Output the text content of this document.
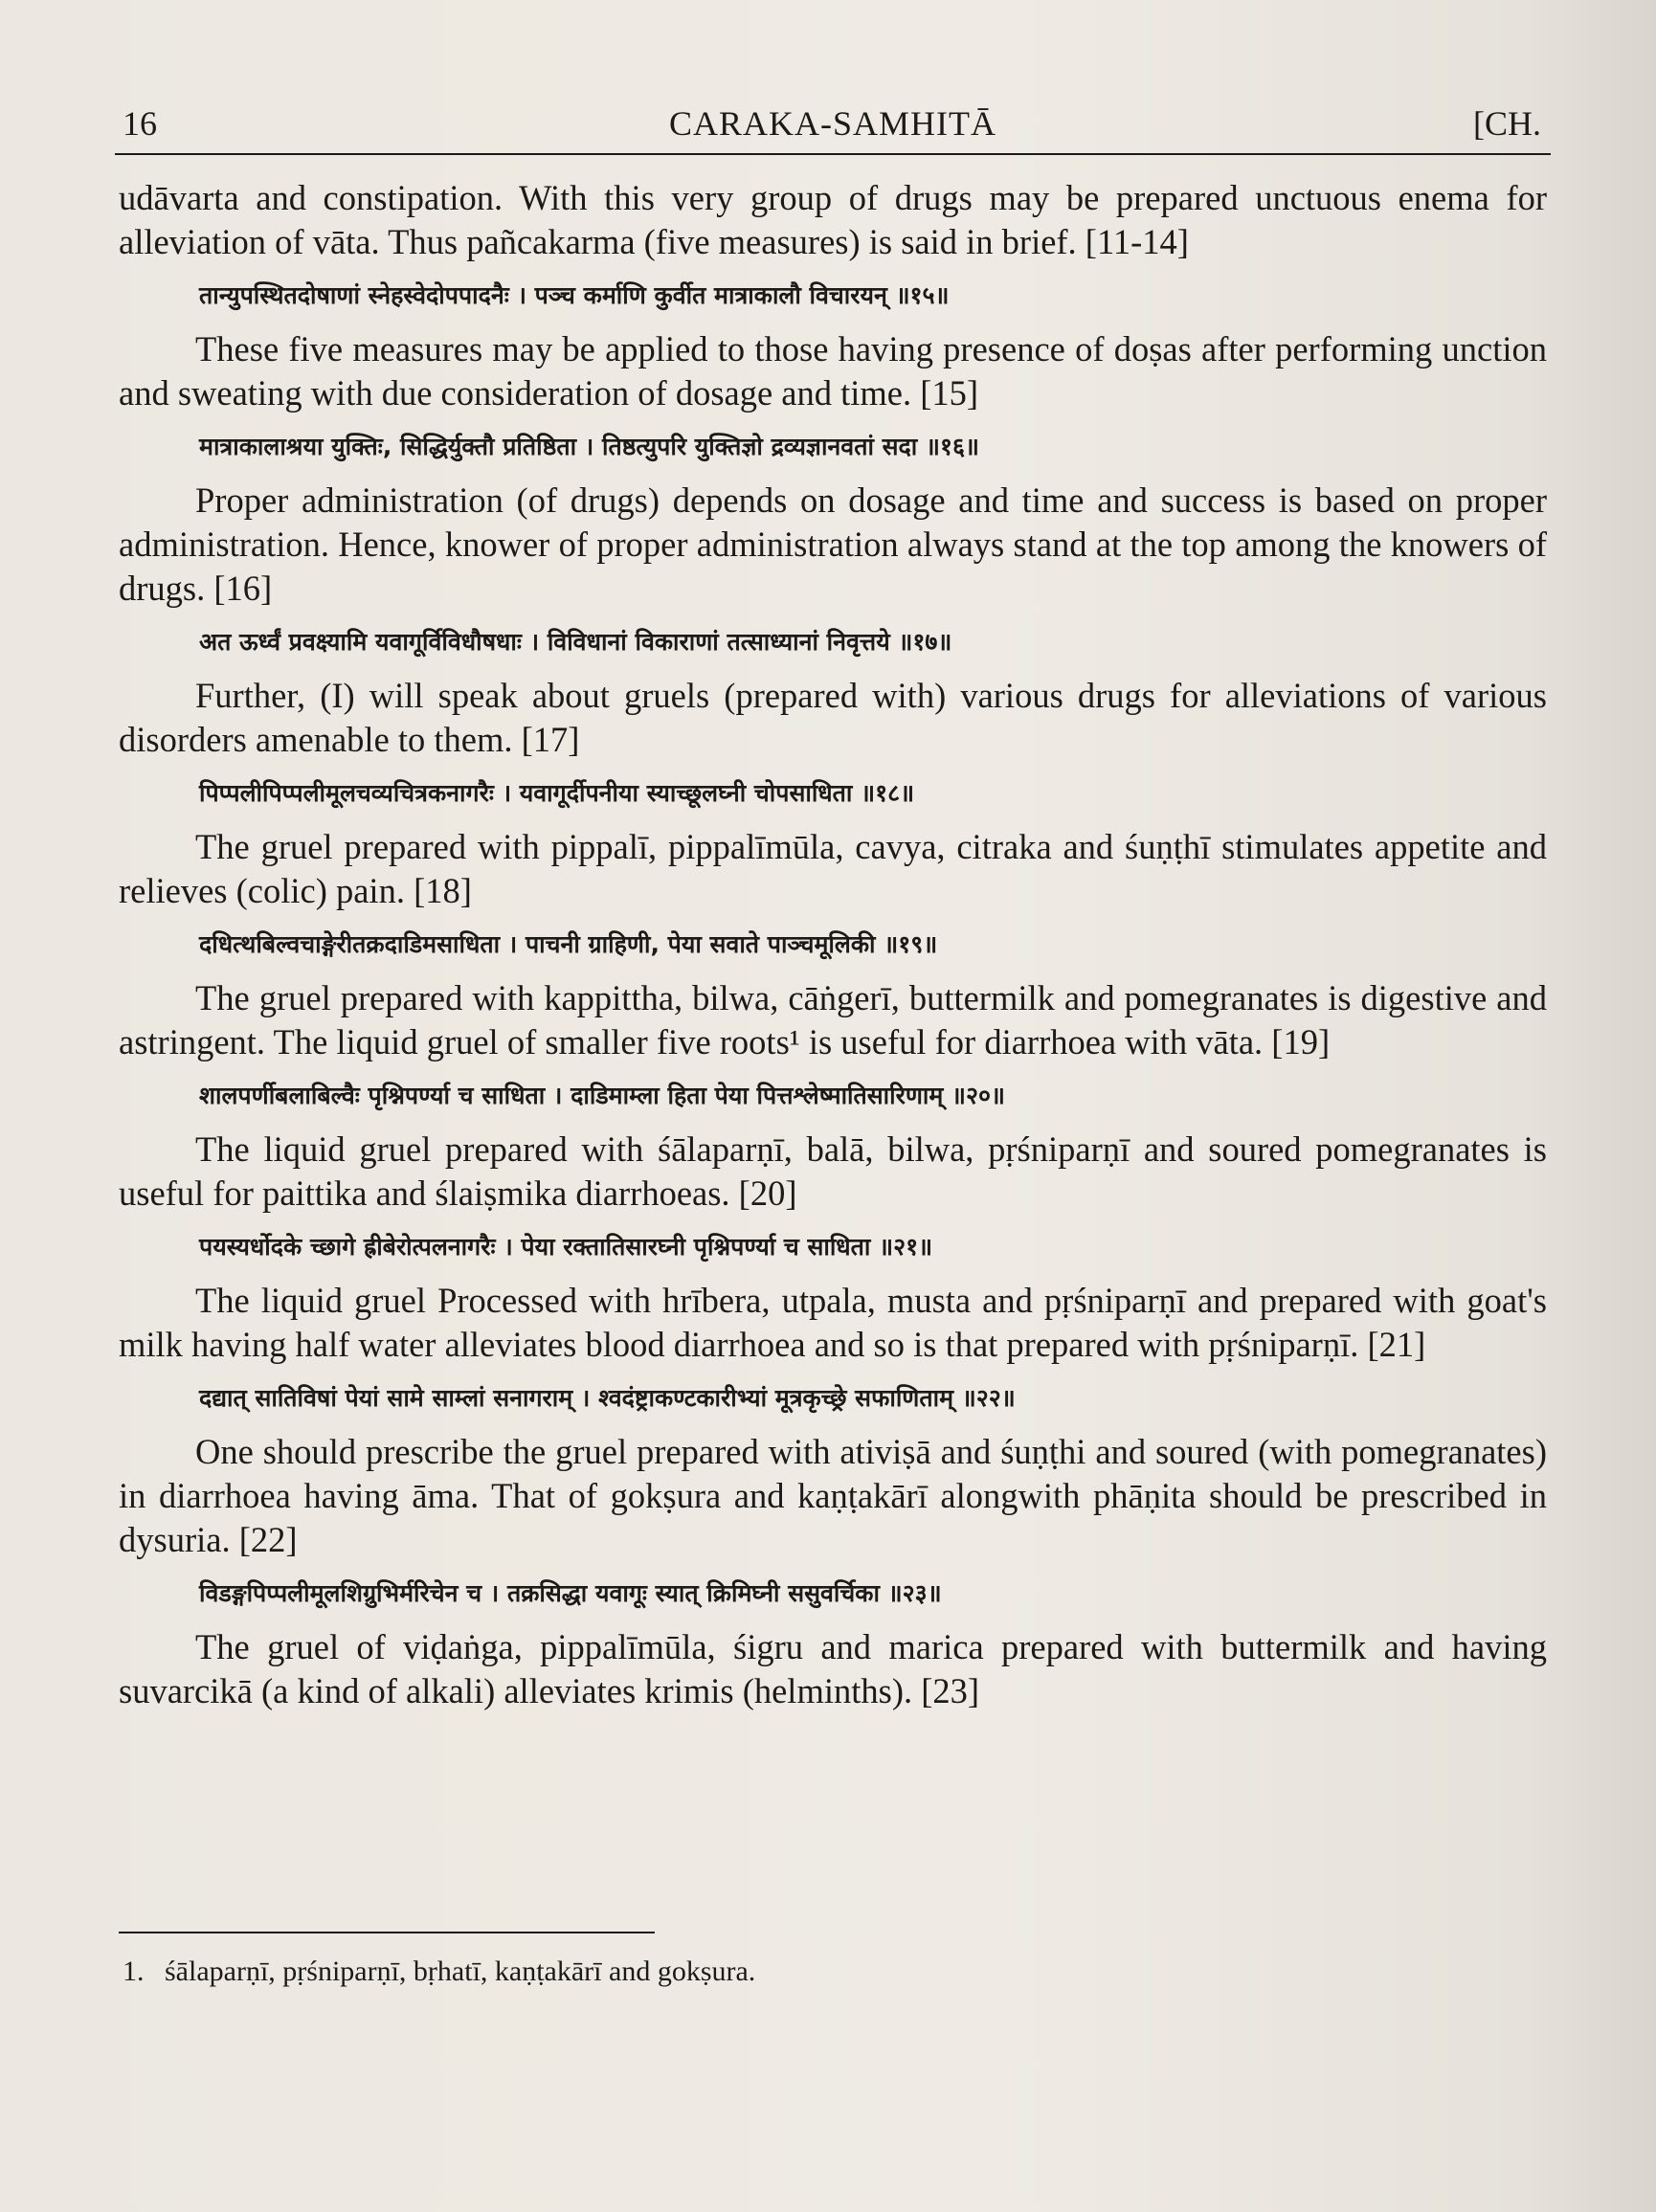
16	CARAKA-SAMHITĀ	[CH.

udāvarta and constipation. With this very group of drugs may be prepared unctuous enema for alleviation of vāta. Thus pañcakarma (five measures) is said in brief. [11-14]

तान्युपस्थितदोषाणां स्नेहस्वेदोपपादनैः । पञ्च कर्माणि कुर्वीत मात्राकालौ विचारयन् ॥१५॥

These five measures may be applied to those having presence of doṣas after performing unction and sweating with due consideration of dosage and time. [15]

मात्राकालाश्रया युक्तिः, सिद्धिर्युक्तौ प्रतिष्ठिता । तिष्ठत्युपरि युक्तिज्ञो द्रव्यज्ञानवतां सदा ॥१६॥

Proper administration (of drugs) depends on dosage and time and success is based on proper administration. Hence, knower of proper administration always stand at the top among the knowers of drugs. [16]

अत ऊर्ध्वं प्रवक्ष्यामि यवागूर्विविधौषधाः । विविधानां विकाराणां तत्साध्यानां निवृत्तये ॥१७॥

Further, (I) will speak about gruels (prepared with) various drugs for alleviations of various disorders amenable to them. [17]

पिप्पलीपिप्पलीमूलचव्यचित्रकनागरैः । यवागूर्दीपनीया स्याच्छूलघ्नी चोपसाधिता ॥१८॥

The gruel prepared with pippalī, pippalīmūla, cavya, citraka and śuṇṭhī stimulates appetite and relieves (colic) pain. [18]

दधित्थबिल्वचाङ्गेरीतक्रदाडिमसाधिता । पाचनी ग्राहिणी, पेया सवाते पाञ्चमूलिकी ॥१९॥

The gruel prepared with kappittha, bilwa, cāṅgerī, buttermilk and pomegranates is digestive and astringent. The liquid gruel of smaller five roots¹ is useful for diarrhoea with vāta. [19]

शालपर्णीबलाबिल्वैः पृश्निपर्ण्या च साधिता । दाडिमाम्ला हिता पेया पित्तश्लेष्मातिसारिणाम् ॥२०॥

The liquid gruel prepared with śālaparṇī, balā, bilwa, pṛśniparṇī and soured pomegranates is useful for paittika and ślaiṣmika diarrhoeas. [20]

पयस्यर्धोदके च्छागे ह्रीबेरोत्पलनागरैः । पेया रक्तातिसारघ्नी पृश्निपर्ण्या च साधिता ॥२१॥

The liquid gruel Processed with hrībera, utpala, musta and pṛśniparṇī and prepared with goat's milk having half water alleviates blood diarrhoea and so is that prepared with pṛśniparṇī. [21]

दद्यात् सातिविषां पेयां सामे साम्लां सनागराम् । श्वदंष्ट्राकण्टकारीभ्यां मूत्रकृच्छ्रे सफाणिताम् ॥२२॥

One should prescribe the gruel prepared with ativiṣā and śuṇṭhi and soured (with pomegranates) in diarrhoea having āma. That of gokṣura and kaṇṭakārī alongwith phāṇita should be prescribed in dysuria. [22]

विडङ्गपिप्पलीमूलशिग्रुभिर्मरिचेन च । तक्रसिद्धा यवागूः स्यात् क्रिमिघ्नी ससुवर्चिका ॥२३॥

The gruel of viḍaṅga, pippalīmūla, śigru and marica prepared with buttermilk and having suvarcikā (a kind of alkali) alleviates krimis (helminths). [23]

1. śālaparṇī, pṛśniparṇī, bṛhatī, kaṇṭakārī and gokṣura.
